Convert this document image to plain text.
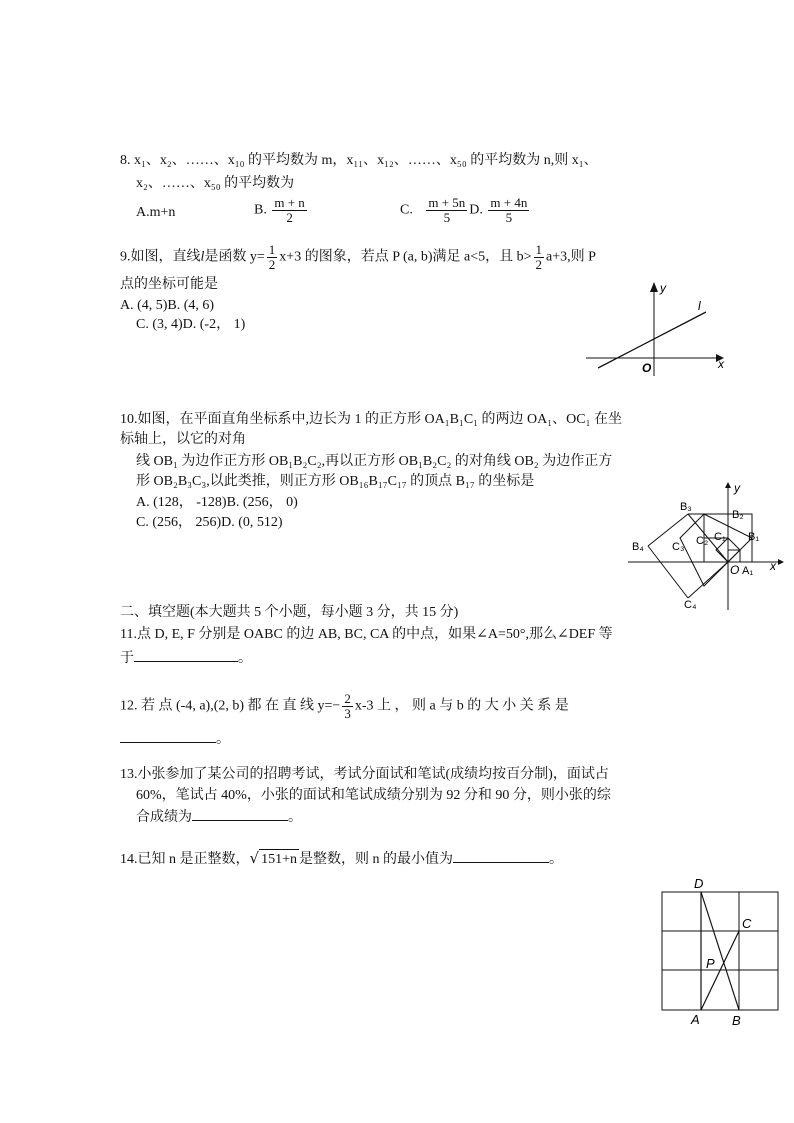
8. x₁、x₂、……、x₁₀ 的平均数为 m，x₁₁、x₁₂、……、x₅₀ 的平均数为 n,则 x₁、
x₂、……、x₅₀ 的平均数为
A.m+n	B. $\frac{m + n}{2}$	C. $\frac{m + 5n}{5} D$. $\frac{m + 4n}{5}$
9.如图，直线l是函数 $y= \frac{1}{2} x+3$ 的图象，若点 P (a, b)满足 a<5，且 $b> \frac{1}{2} a+3$,则 P
点的坐标可能是
A. (4, 5)B. (4, 6)
C. (3, 4)D. (-2， 1)
y
l
O	x
10.如图，在平面直角坐标系中,边长为 1 的正方形 OA₁B₁C₁ 的两边 OA₁、OC₁ 在坐
标轴上，以它的对角
线 OB₁ 为边作正方形 OB₁B₂C₂,再以正方形 OB₁B₂C₂ 的对角线 OB₂ 为边作正方
形 OB₂B₃C₃,以此类推，则正方形 OB₁₆B₁₇C₁₇ 的顶点 B₁₇ 的坐标是
A. (128， -128)B. (256， 0)
C. (256， 256)D. (0, 512)
B₃
B₂
B₁
B₄	C₃ C₂ C₁
O A₁
C₄
x
y
二、填空题(本大题共 5 个小题，每小题 3 分，共 15 分)
11.点 D, E, F 分别是 OABC 的边 AB, BC, CA 的中点，如果∠A=50°,那么∠DEF 等
于	。
12. 若 点 (-4, a),(2, b) 都 在 直 线 $y=- \frac{2}{3} x-3$ 上 ， 则 a 与 b 的 大 小 关 系 是
。
13.小张参加了某公司的招聘考试，考试分面试和笔试(成绩均按百分制)，面试占
60%，笔试占 40%，小张的面试和笔试成绩分别为 92 分和 90 分，则小张的综
合成绩为	。
14.已知 n 是正整数，√ 151+n 是整数，则 n 的最小值为	。
D
C
P
A B
